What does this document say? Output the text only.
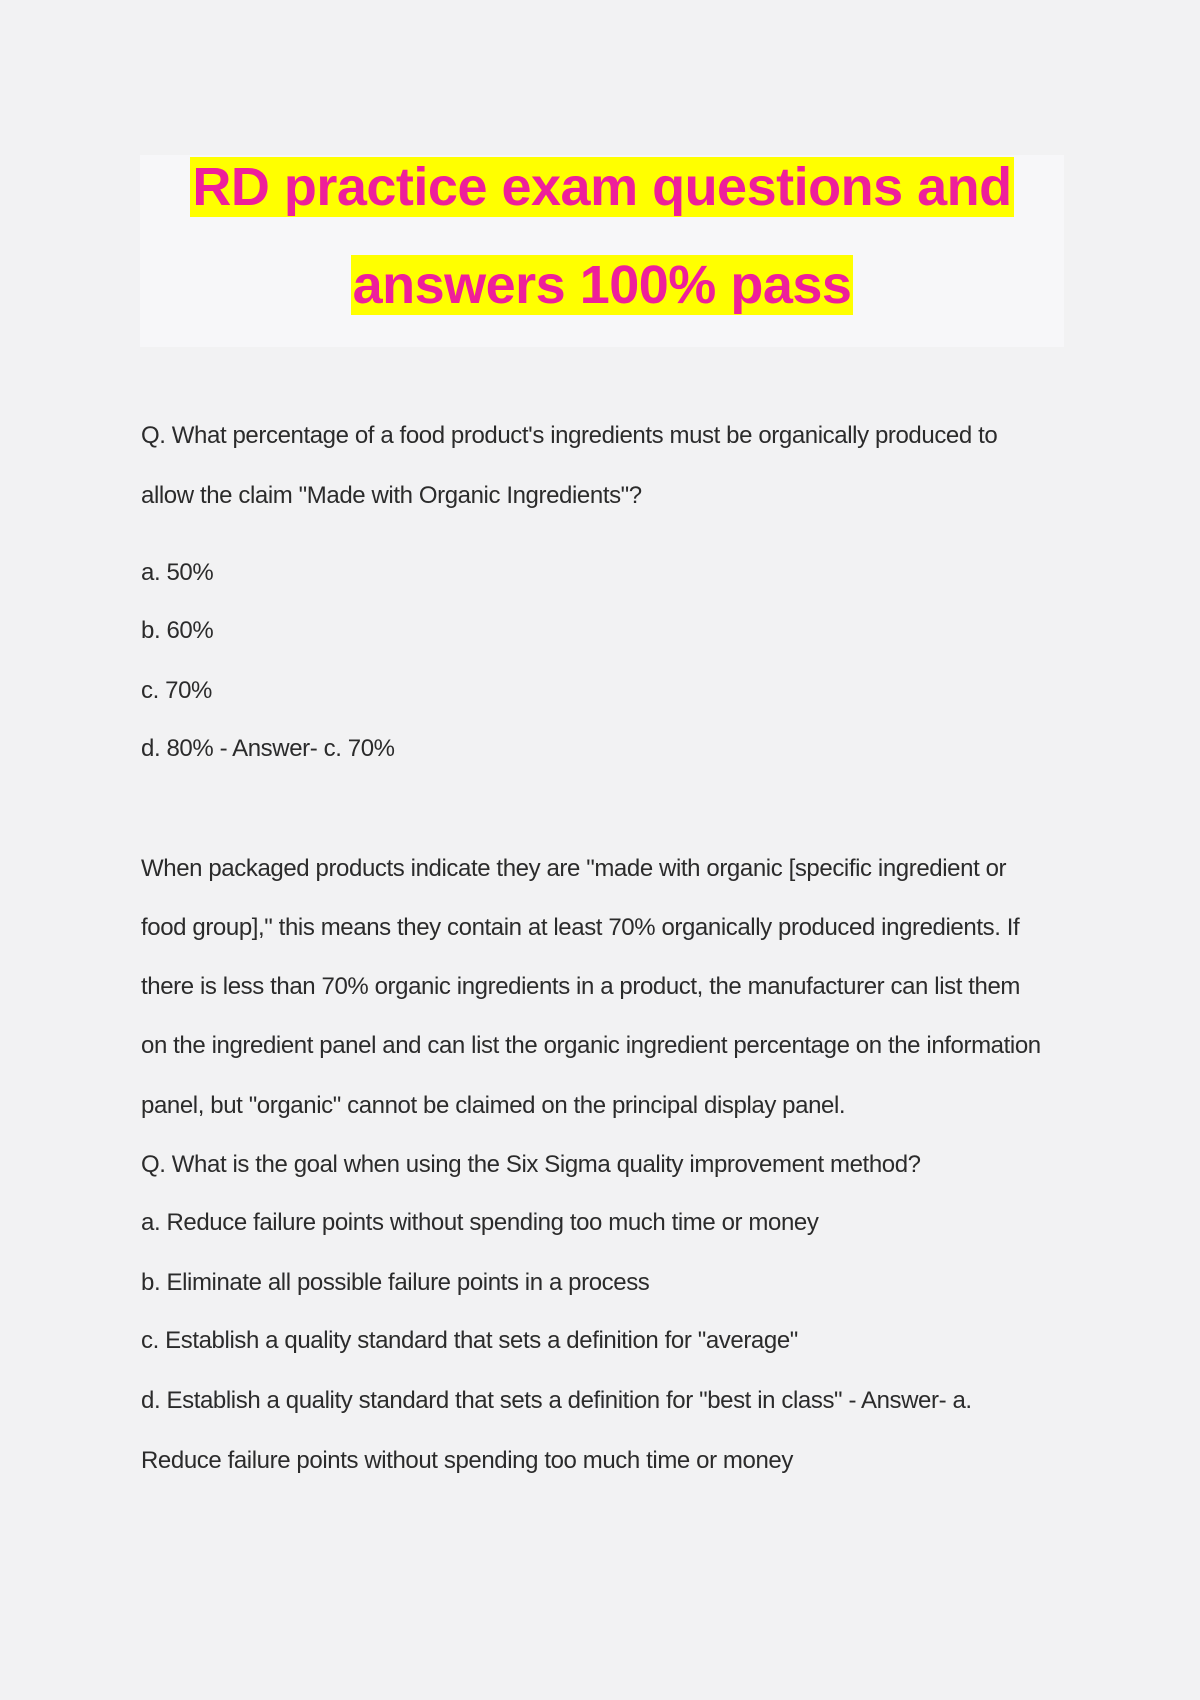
RD practice exam questions and
answers 100% pass
Q. What percentage of a food product's ingredients must be organically produced to
allow the claim "Made with Organic Ingredients"?
a. 50%
b. 60%
c. 70%
d. 80% - Answer- c. 70%
When packaged products indicate they are "made with organic [specific ingredient or
food group]," this means they contain at least 70% organically produced ingredients. If
there is less than 70% organic ingredients in a product, the manufacturer can list them
on the ingredient panel and can list the organic ingredient percentage on the information
panel, but "organic" cannot be claimed on the principal display panel.
Q. What is the goal when using the Six Sigma quality improvement method?
a. Reduce failure points without spending too much time or money
b. Eliminate all possible failure points in a process
c. Establish a quality standard that sets a definition for "average"
d. Establish a quality standard that sets a definition for "best in class" - Answer- a.
Reduce failure points without spending too much time or money
